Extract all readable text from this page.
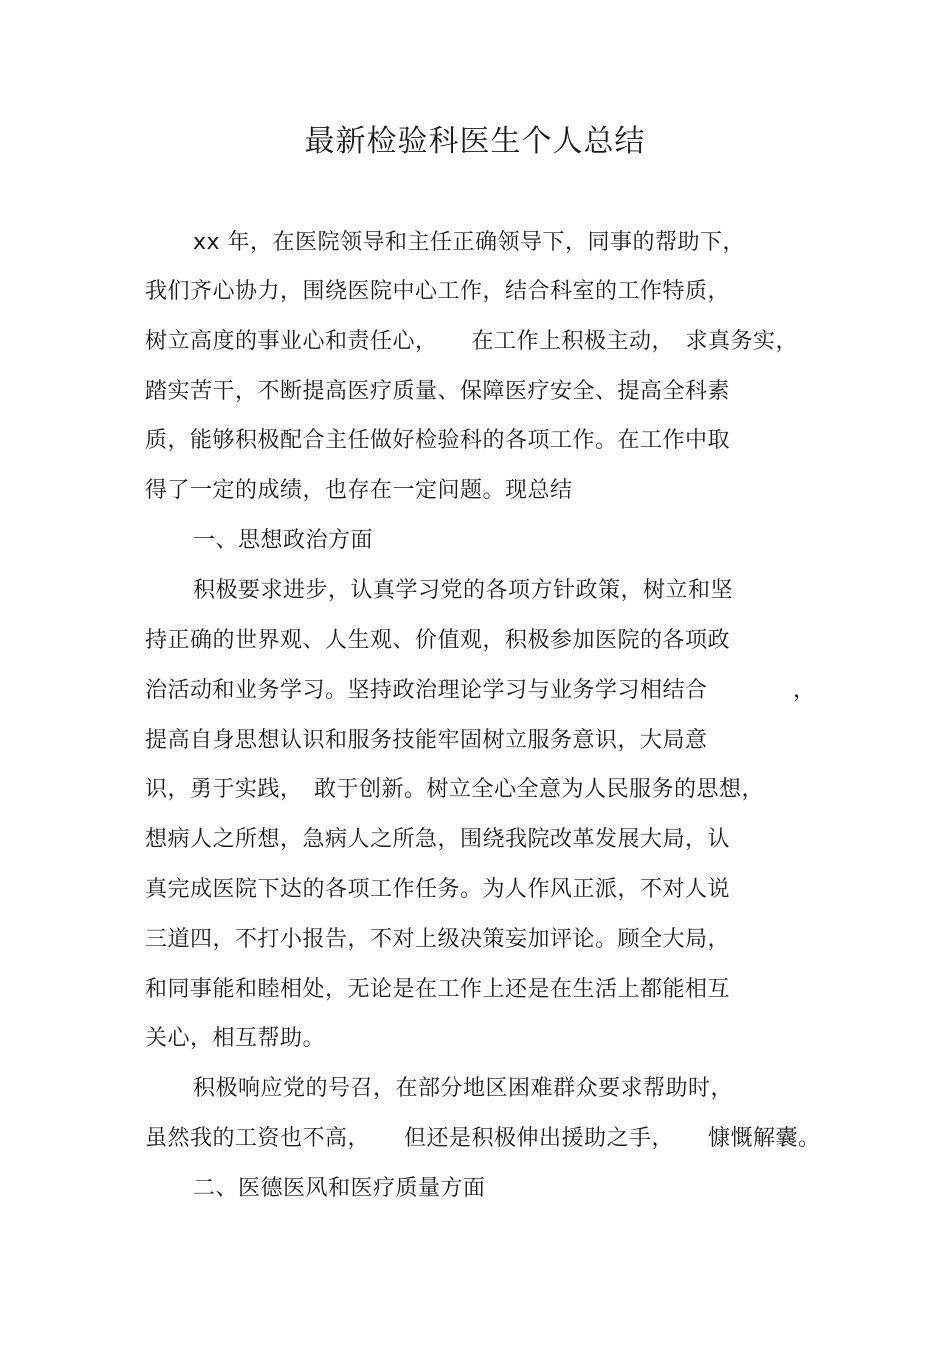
最新检验科医生个人总结
xx 年，在医院领导和主任正确领导下，同事的帮助下，
我们齐心协力，围绕医院中心工作，结合科室的工作特质，
树立高度的事业心和责任心，　　在工作上积极主动，　求真务实，
踏实苦干，不断提高医疗质量、保障医疗安全、提高全科素
质，能够积极配合主任做好检验科的各项工作。在工作中取
得了一定的成绩，也存在一定问题。现总结
一、思想政治方面
积极要求进步，认真学习党的各项方针政策，树立和坚
持正确的世界观、人生观、价值观，积极参加医院的各项政
治活动和业务学习。坚持政治理论学习与业务学习相结合	，
提高自身思想认识和服务技能牢固树立服务意识，大局意
识，勇于实践，　敢于创新。树立全心全意为人民服务的思想，
想病人之所想，急病人之所急，围绕我院改革发展大局，认
真完成医院下达的各项工作任务。为人作风正派，不对人说
三道四，不打小报告，不对上级决策妄加评论。顾全大局，
和同事能和睦相处，无论是在工作上还是在生活上都能相互
关心，相互帮助。
积极响应党的号召，在部分地区困难群众要求帮助时，
虽然我的工资也不高，　　但还是积极伸出援助之手，　　慷慨解囊。
二、医德医风和医疗质量方面
